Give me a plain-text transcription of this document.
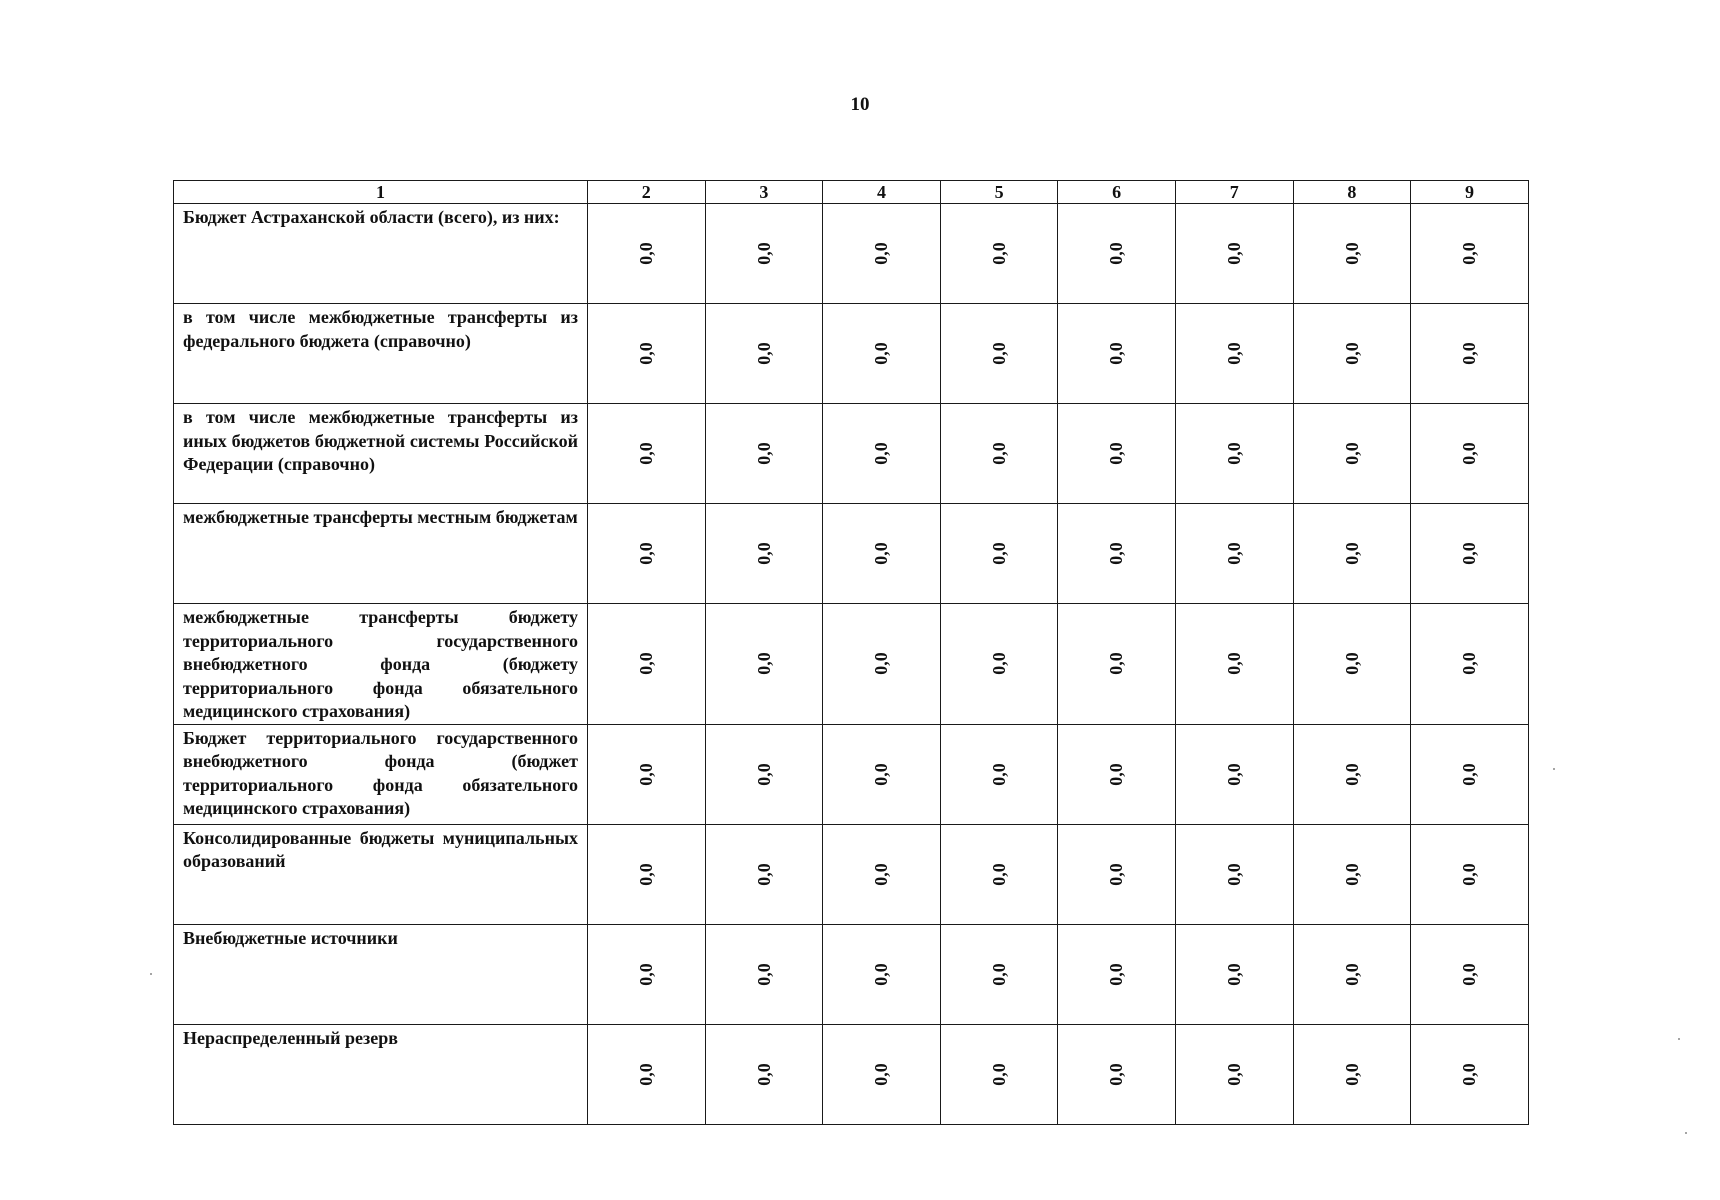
10
1	2	3	4	5	6	7	8	9
Бюджет Астраханской области (всего), из них:	0,0	0,0	0,0	0,0	0,0	0,0	0,0	0,0
в том числе межбюджетные трансферты из федерального бюджета (справочно)	0,0	0,0	0,0	0,0	0,0	0,0	0,0	0,0
в том числе межбюджетные трансферты из иных бюджетов бюджетной системы Российской Федерации (справочно)	0,0	0,0	0,0	0,0	0,0	0,0	0,0	0,0
межбюджетные трансферты местным бюджетам	0,0	0,0	0,0	0,0	0,0	0,0	0,0	0,0
межбюджетные трансферты бюджету территориального государственного внебюджетного фонда (бюджету территориального фонда обязательного медицинского страхования)	0,0	0,0	0,0	0,0	0,0	0,0	0,0	0,0
Бюджет территориального государственного внебюджетного фонда (бюджет территориального фонда обязательного медицинского страхования)	0,0	0,0	0,0	0,0	0,0	0,0	0,0	0,0
Консолидированные бюджеты муниципальных образований	0,0	0,0	0,0	0,0	0,0	0,0	0,0	0,0
Внебюджетные источники	0,0	0,0	0,0	0,0	0,0	0,0	0,0	0,0
Нераспределенный резерв	0,0	0,0	0,0	0,0	0,0	0,0	0,0	0,0
